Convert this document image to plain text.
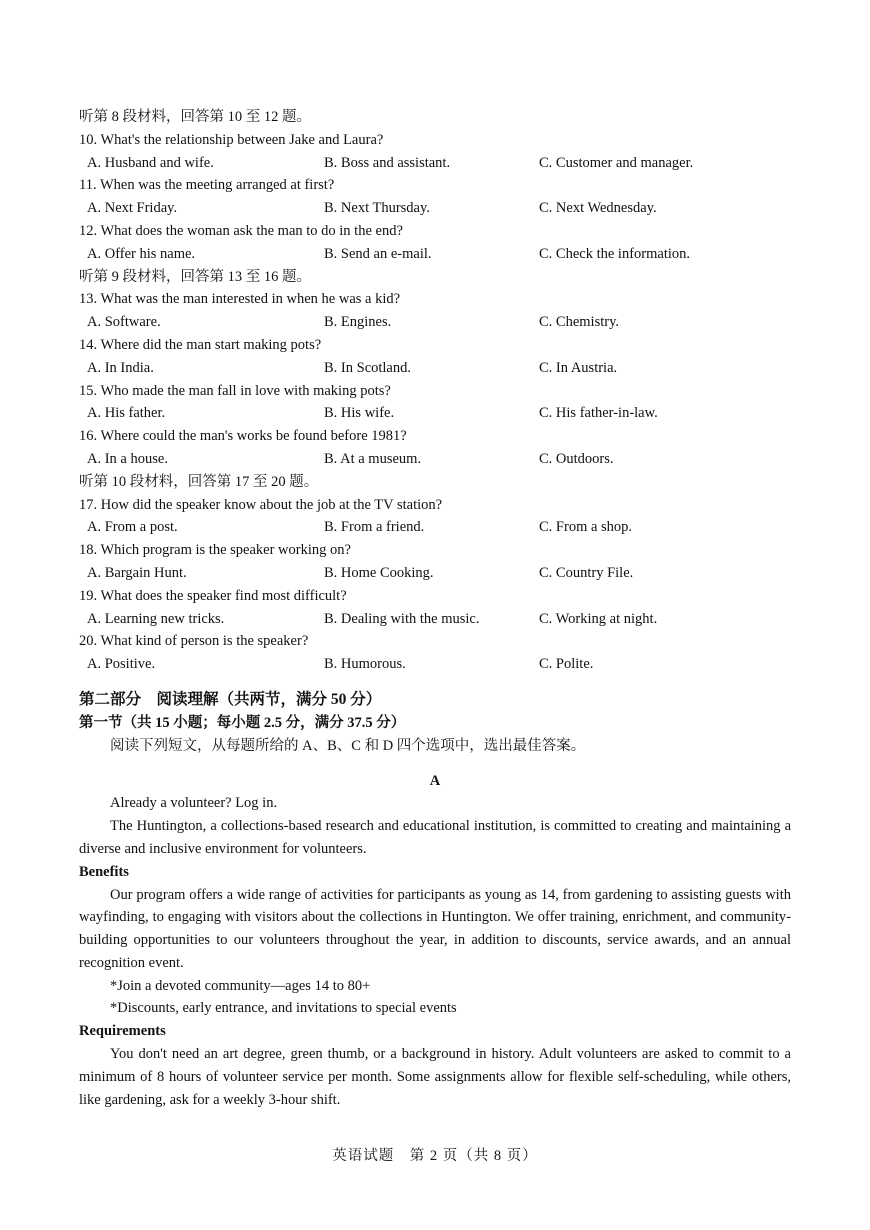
听第 8 段材料，回答第 10 至 12 题。
10. What's the relationship between Jake and Laura?
A. Husband and wife.	B. Boss and assistant.	C. Customer and manager.
11. When was the meeting arranged at first?
A. Next Friday.	B. Next Thursday.	C. Next Wednesday.
12. What does the woman ask the man to do in the end?
A. Offer his name.	B. Send an e-mail.	C. Check the information.
听第 9 段材料，回答第 13 至 16 题。
13. What was the man interested in when he was a kid?
A. Software.	B. Engines.	C. Chemistry.
14. Where did the man start making pots?
A. In India.	B. In Scotland.	C. In Austria.
15. Who made the man fall in love with making pots?
A. His father.	B. His wife.	C. His father-in-law.
16. Where could the man's works be found before 1981?
A. In a house.	B. At a museum.	C. Outdoors.
听第 10 段材料，回答第 17 至 20 题。
17. How did the speaker know about the job at the TV station?
A. From a post.	B. From a friend.	C. From a shop.
18. Which program is the speaker working on?
A. Bargain Hunt.	B. Home Cooking.	C. Country File.
19. What does the speaker find most difficult?
A. Learning new tricks.	B. Dealing with the music.	C. Working at night.
20. What kind of person is the speaker?
A. Positive.	B. Humorous.	C. Polite.
第二部分　阅读理解（共两节，满分 50 分）
第一节（共 15 小题；每小题 2.5 分，满分 37.5 分）
阅读下列短文，从每题所给的 A、B、C 和 D 四个选项中，选出最佳答案。
A
Already a volunteer? Log in.
The Huntington, a collections-based research and educational institution, is committed to creating and maintaining a diverse and inclusive environment for volunteers.
Benefits
Our program offers a wide range of activities for participants as young as 14, from gardening to assisting guests with wayfinding, to engaging with visitors about the collections in Huntington. We offer training, enrichment, and community-building opportunities to our volunteers throughout the year, in addition to discounts, service awards, and an annual recognition event.
*Join a devoted community—ages 14 to 80+
*Discounts, early entrance, and invitations to special events
Requirements
You don't need an art degree, green thumb, or a background in history. Adult volunteers are asked to commit to a minimum of 8 hours of volunteer service per month. Some assignments allow for flexible self-scheduling, while others, like gardening, ask for a weekly 3-hour shift.
英语试题　第 2 页（共 8 页）
